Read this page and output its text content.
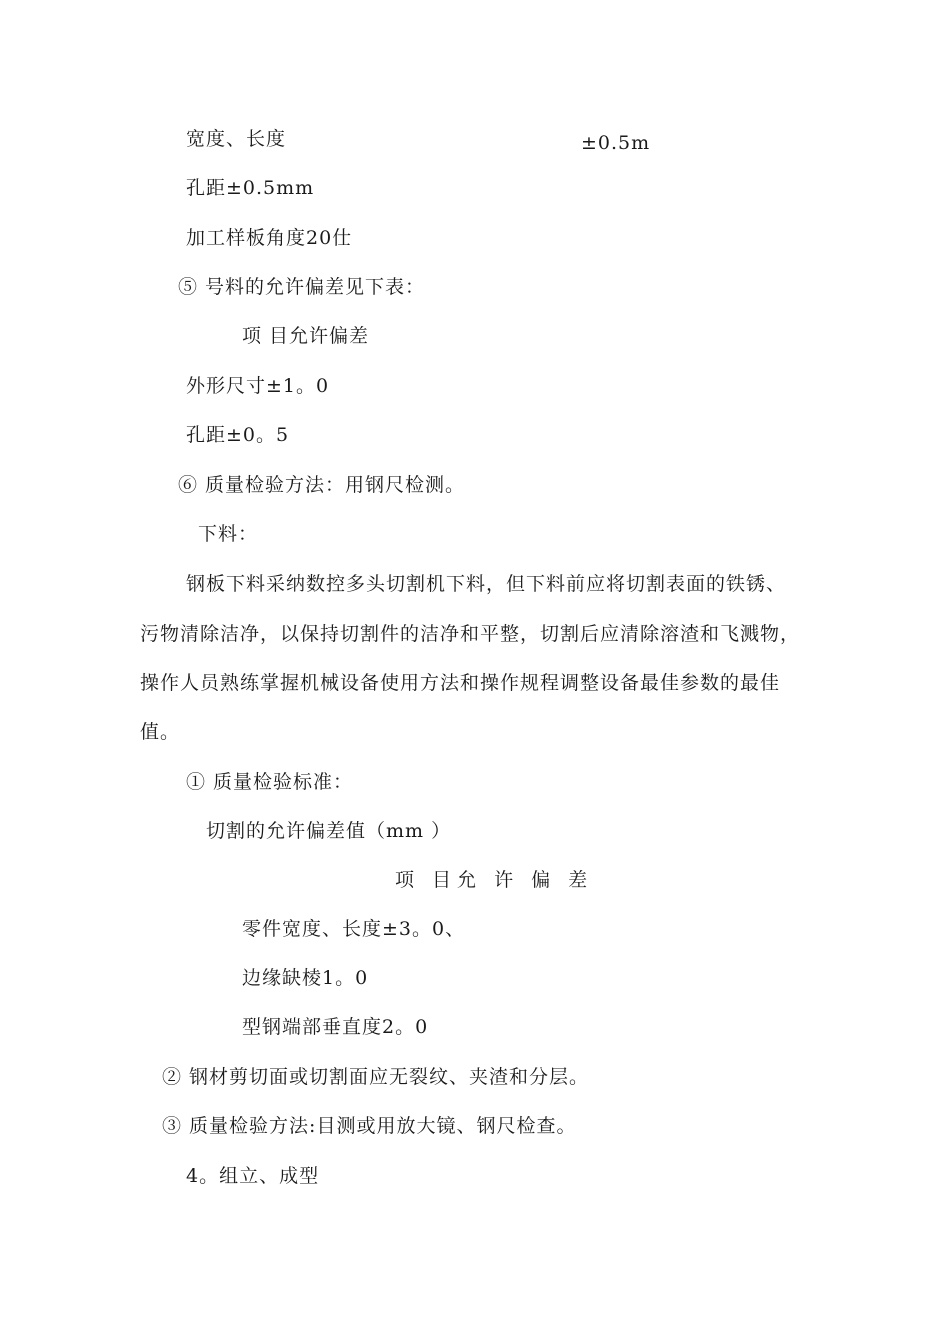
宽度、长度	±0.5m
孔距±0.5mm
加工样板角度20仕
⑤ 号料的允许偏差见下表：
项 目允许偏差
外形尺寸±1。0
孔距±0。5
⑥ 质量检验方法：用钢尺检测。
下料：
钢板下料采纳数控多头切割机下料，但下料前应将切割表面的铁锈、
污物清除洁净，以保持切割件的洁净和平整，切割后应清除溶渣和飞溅物，
操作人员熟练掌握机械设备使用方法和操作规程调整设备最佳参数的最佳
值。
① 质量检验标准：
切割的允许偏差值（mm ）
项 目允 许 偏 差
零件宽度、长度±3。0、
边缘缺棱1。0
型钢端部垂直度2。0
② 钢材剪切面或切割面应无裂纹、夹渣和分层。
③ 质量检验方法:目测或用放大镜、钢尺检查。
4。组立、成型
